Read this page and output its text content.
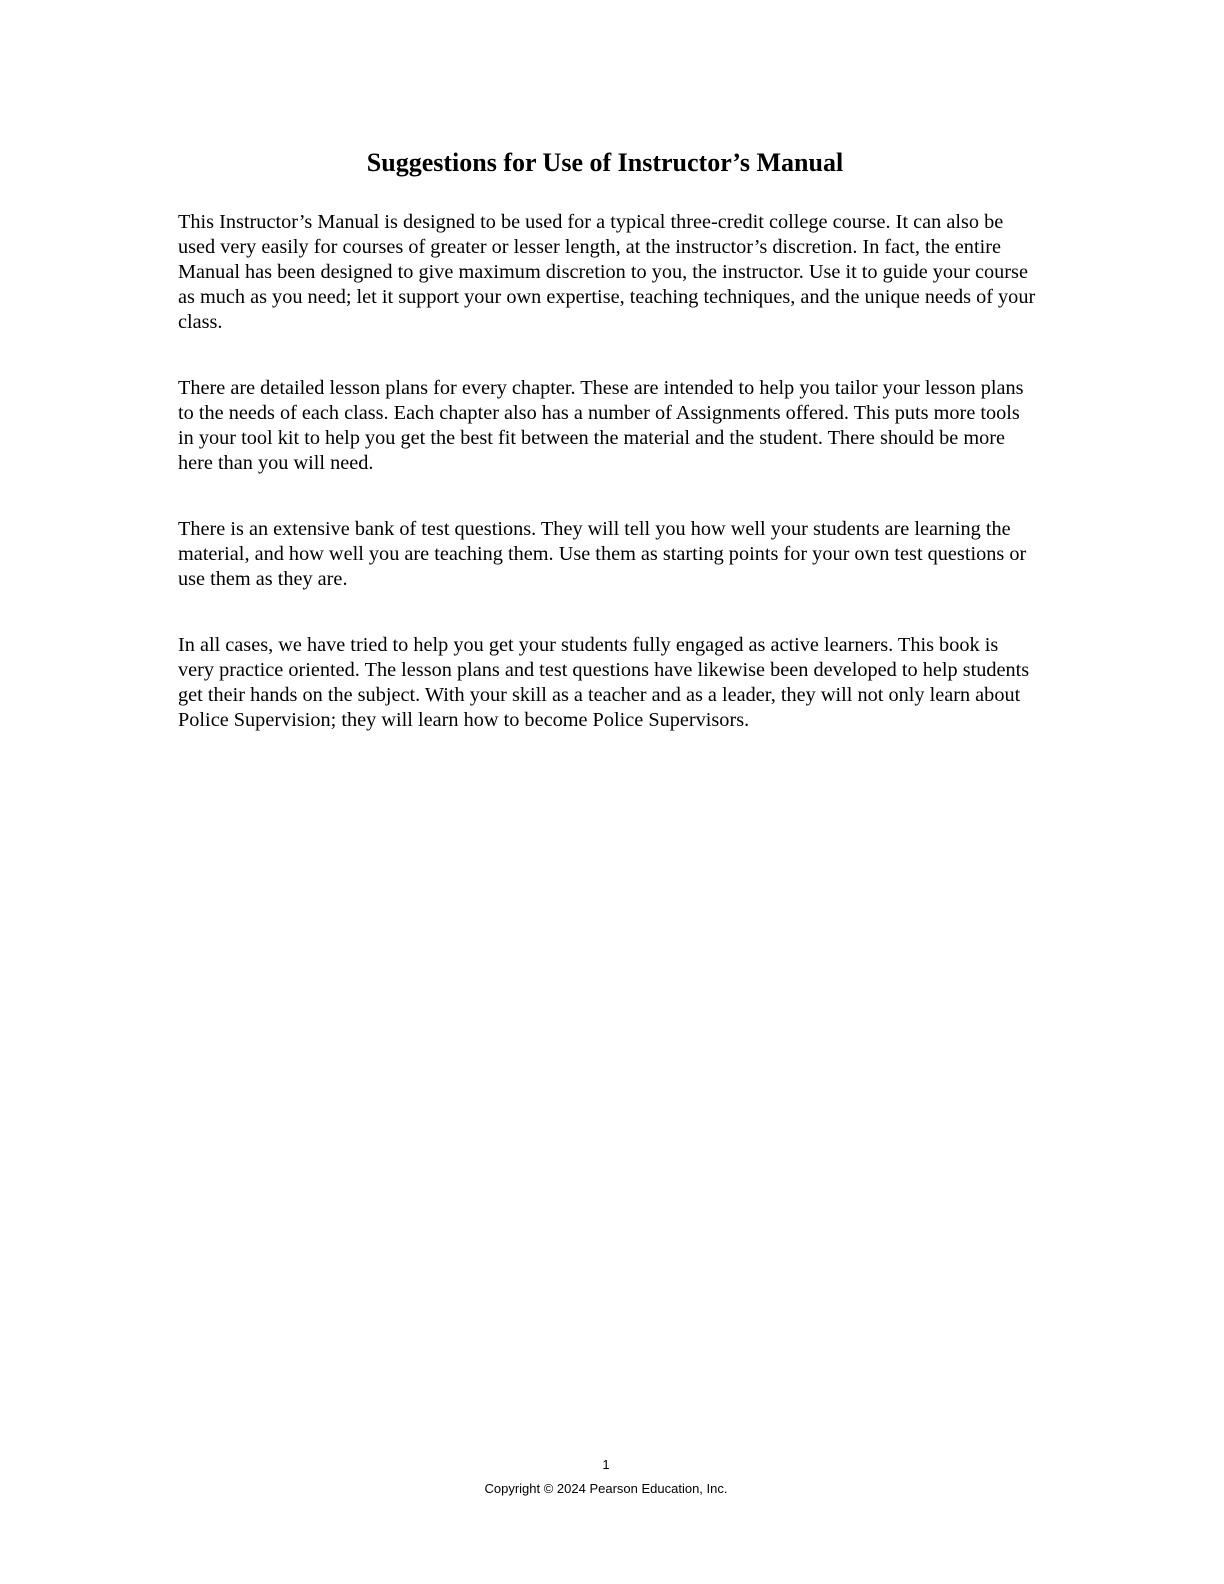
Suggestions for Use of Instructor’s Manual

This Instructor’s Manual is designed to be used for a typical three-credit college course. It can also be used very easily for courses of greater or lesser length, at the instructor’s discretion. In fact, the entire Manual has been designed to give maximum discretion to you, the instructor. Use it to guide your course as much as you need; let it support your own expertise, teaching techniques, and the unique needs of your class.

There are detailed lesson plans for every chapter. These are intended to help you tailor your lesson plans to the needs of each class. Each chapter also has a number of Assignments offered. This puts more tools in your tool kit to help you get the best fit between the material and the student. There should be more here than you will need.

There is an extensive bank of test questions. They will tell you how well your students are learning the material, and how well you are teaching them. Use them as starting points for your own test questions or use them as they are.

In all cases, we have tried to help you get your students fully engaged as active learners. This book is very practice oriented. The lesson plans and test questions have likewise been developed to help students get their hands on the subject. With your skill as a teacher and as a leader, they will not only learn about Police Supervision; they will learn how to become Police Supervisors.

1
Copyright © 2024 Pearson Education, Inc.
